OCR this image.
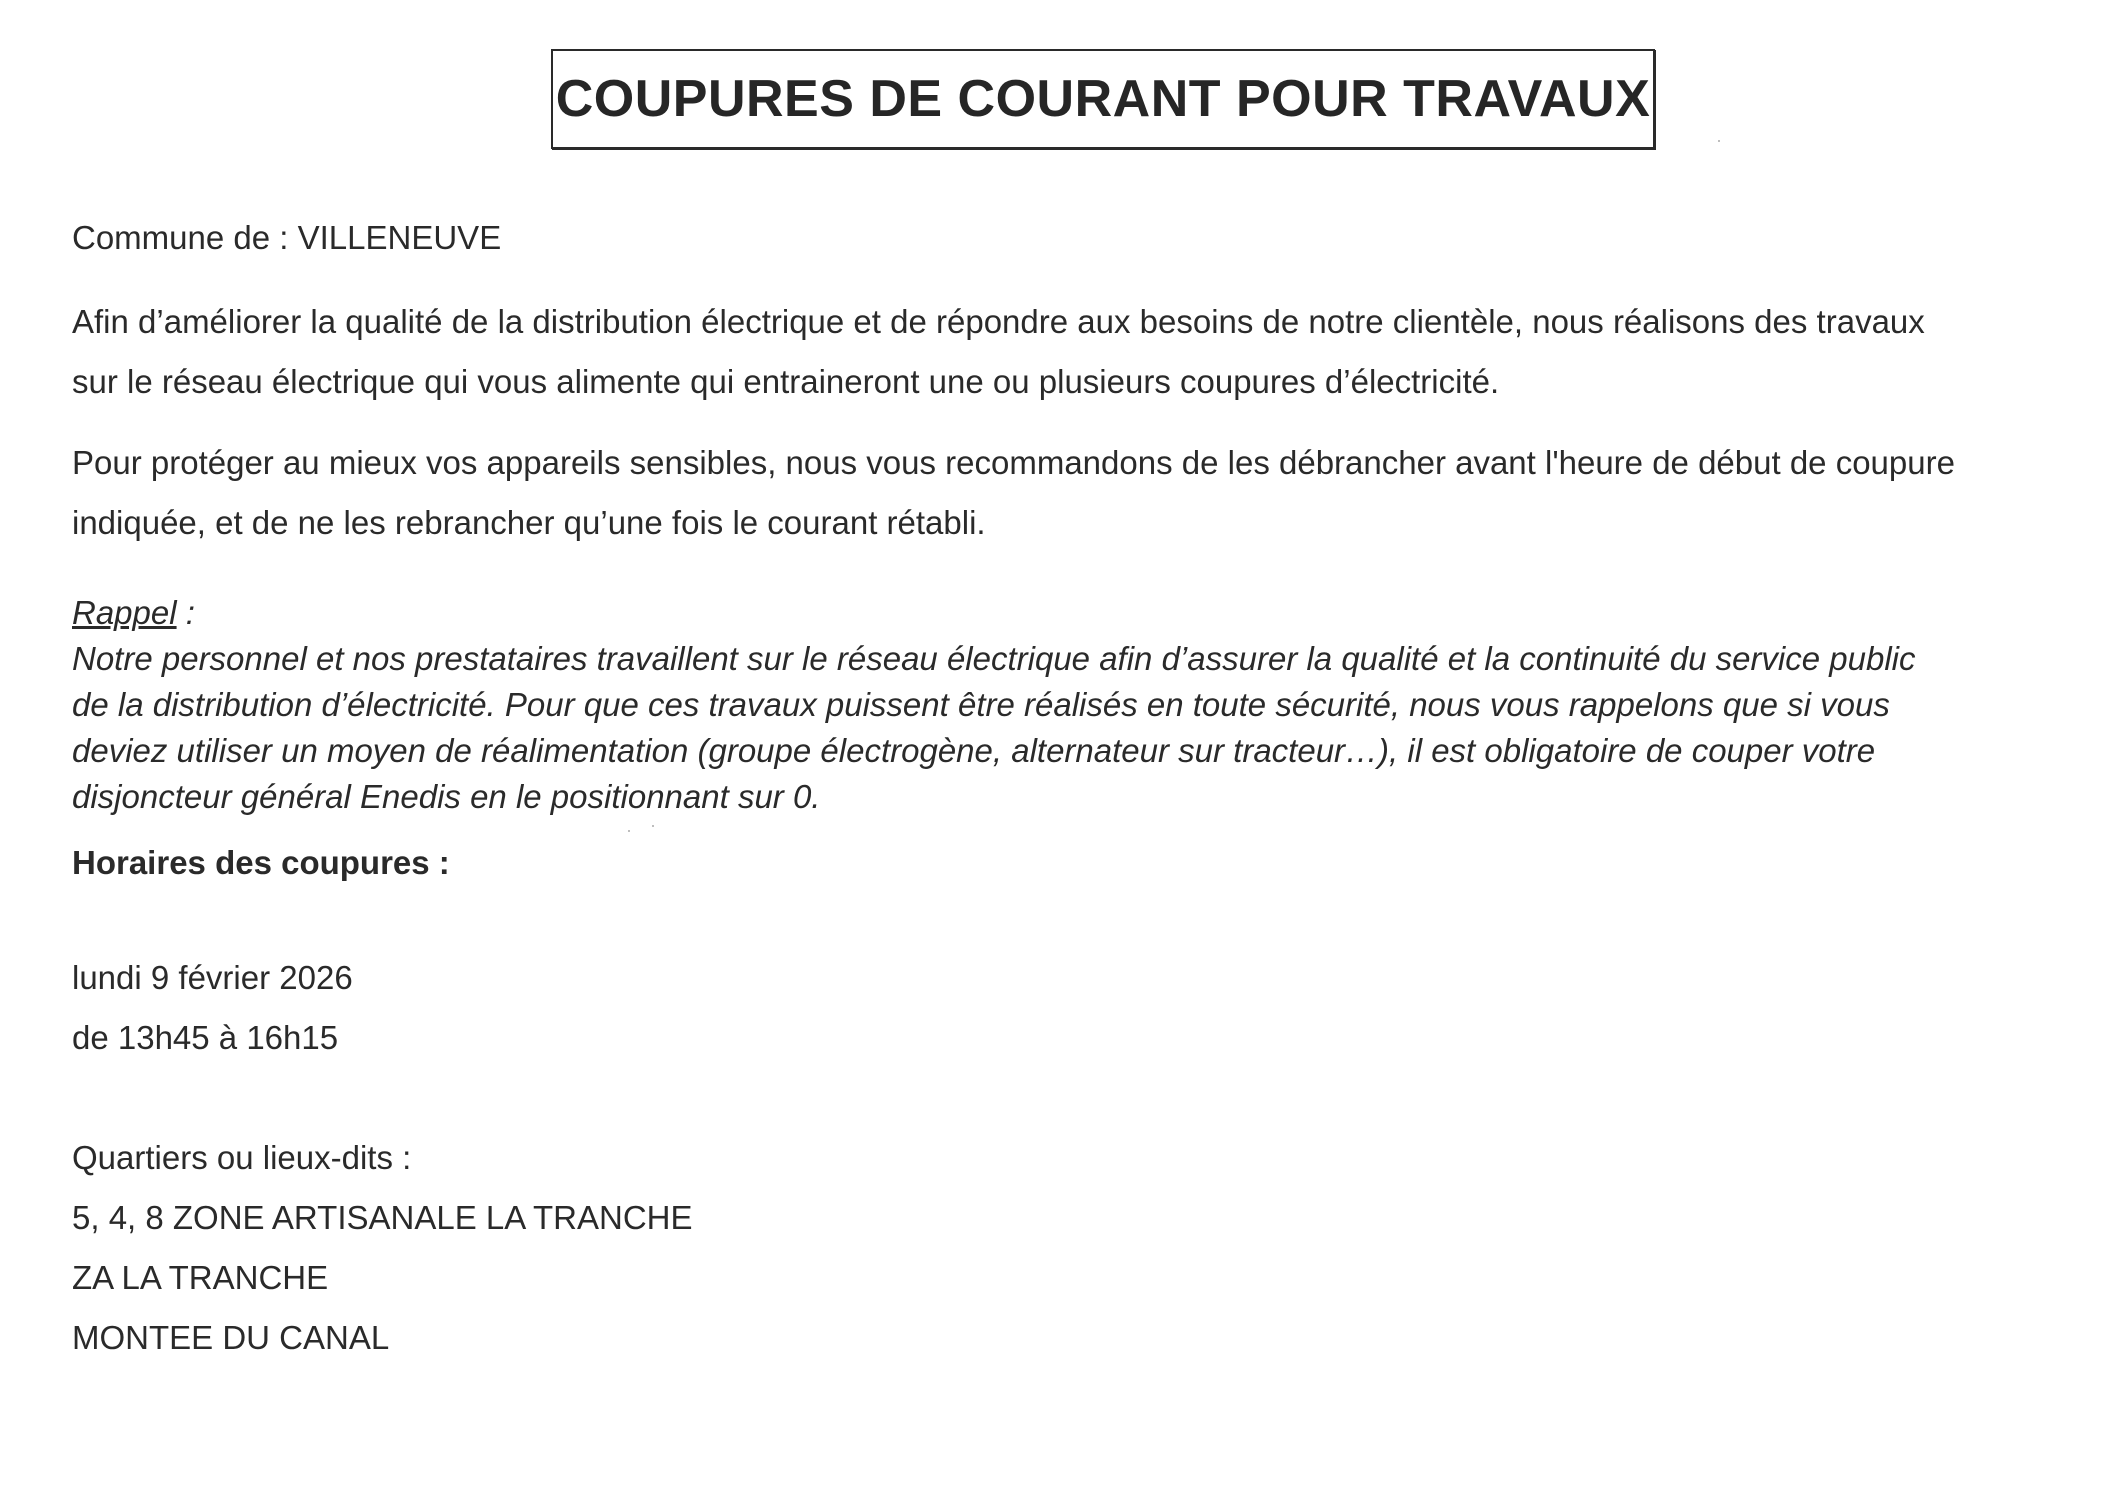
COUPURES DE COURANT POUR TRAVAUX
Commune de : VILLENEUVE
Afin d’améliorer la qualité de la distribution électrique et de répondre aux besoins de notre clientèle, nous réalisons des travaux
sur le réseau électrique qui vous alimente qui entraineront une ou plusieurs coupures d’électricité.
Pour protéger au mieux vos appareils sensibles, nous vous recommandons de les débrancher avant l'heure de début de coupure
indiquée, et de ne les rebrancher qu’une fois le courant rétabli.
Rappel :
Notre personnel et nos prestataires travaillent sur le réseau électrique afin d’assurer la qualité et la continuité du service public
de la distribution d’électricité. Pour que ces travaux puissent être réalisés en toute sécurité, nous vous rappelons que si vous
deviez utiliser un moyen de réalimentation (groupe électrogène, alternateur sur tracteur…), il est obligatoire de couper votre
disjoncteur général Enedis en le positionnant sur 0.
Horaires des coupures :
lundi 9 février 2026
de 13h45 à 16h15
Quartiers ou lieux-dits :
5, 4, 8 ZONE ARTISANALE LA TRANCHE
ZA LA TRANCHE
MONTEE DU CANAL
